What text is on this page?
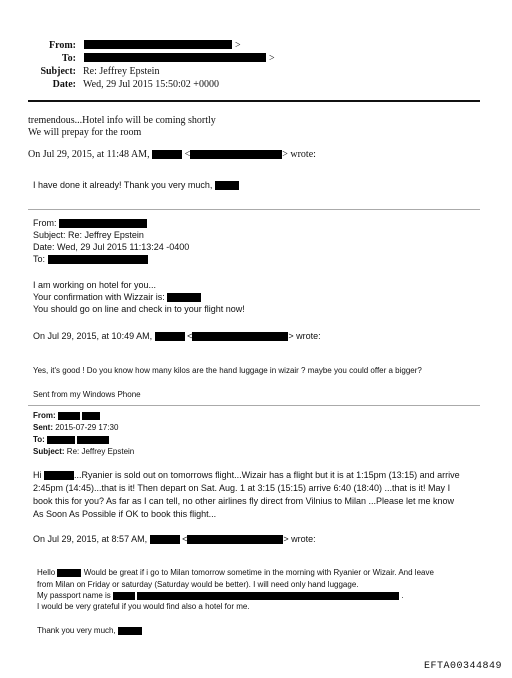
From:	>
To:	>
Subject: Re: Jeffrey Epstein
Date: Wed, 29 Jul 2015 15:50:02 +0000
tremendous...Hotel info will be coming shortly
We will prepay for the room
On Jul 29, 2015, at 11:48 AM,	<	> wrote:
I have done it already! Thank you very much,
From:
Subject: Re: Jeffrey Epstein
Date: Wed, 29 Jul 2015 11:13:24 -0400
To:
I am working on hotel for you...
Your confirmation with Wizzair is:
You should go on line and check in to your flight now!
On Jul 29, 2015, at 10:49 AM,	<	> wrote:
Yes, it's good ! Do you know how many kilos are the hand luggage in wizair ? maybe you could offer a bigger?
Sent from my Windows Phone
From:
Sent: 2015-07-29 17:30
To:
Subject: Re: Jeffrey Epstein
Hi	...Ryanier is sold out on tomorrows flight...Wizair has a flight but it is at 1:15pm (13:15) and arrive
2:45pm (14:45)...that is it! Then depart on Sat. Aug. 1 at 3:15 (15:15) arrive 6:40 (18:40) ...that is it! May I
book this for you? As far as I can tell, no other airlines fly direct from Vilnius to Milan ...Please let me know
As Soon As Possible if OK to book this flight...
On Jul 29, 2015, at 8:57 AM,	<	> wrote:
Hello	Would be great if i go to Milan tomorrow sometime in the morning with Ryanier or Wizair. And leave
from Milan on Friday or saturday (Saturday would be better). I will need only hand luggage.
My passport name is	.
I would be very grateful if you would find also a hotel for me.
Thank you very much,
EFTA00344849
